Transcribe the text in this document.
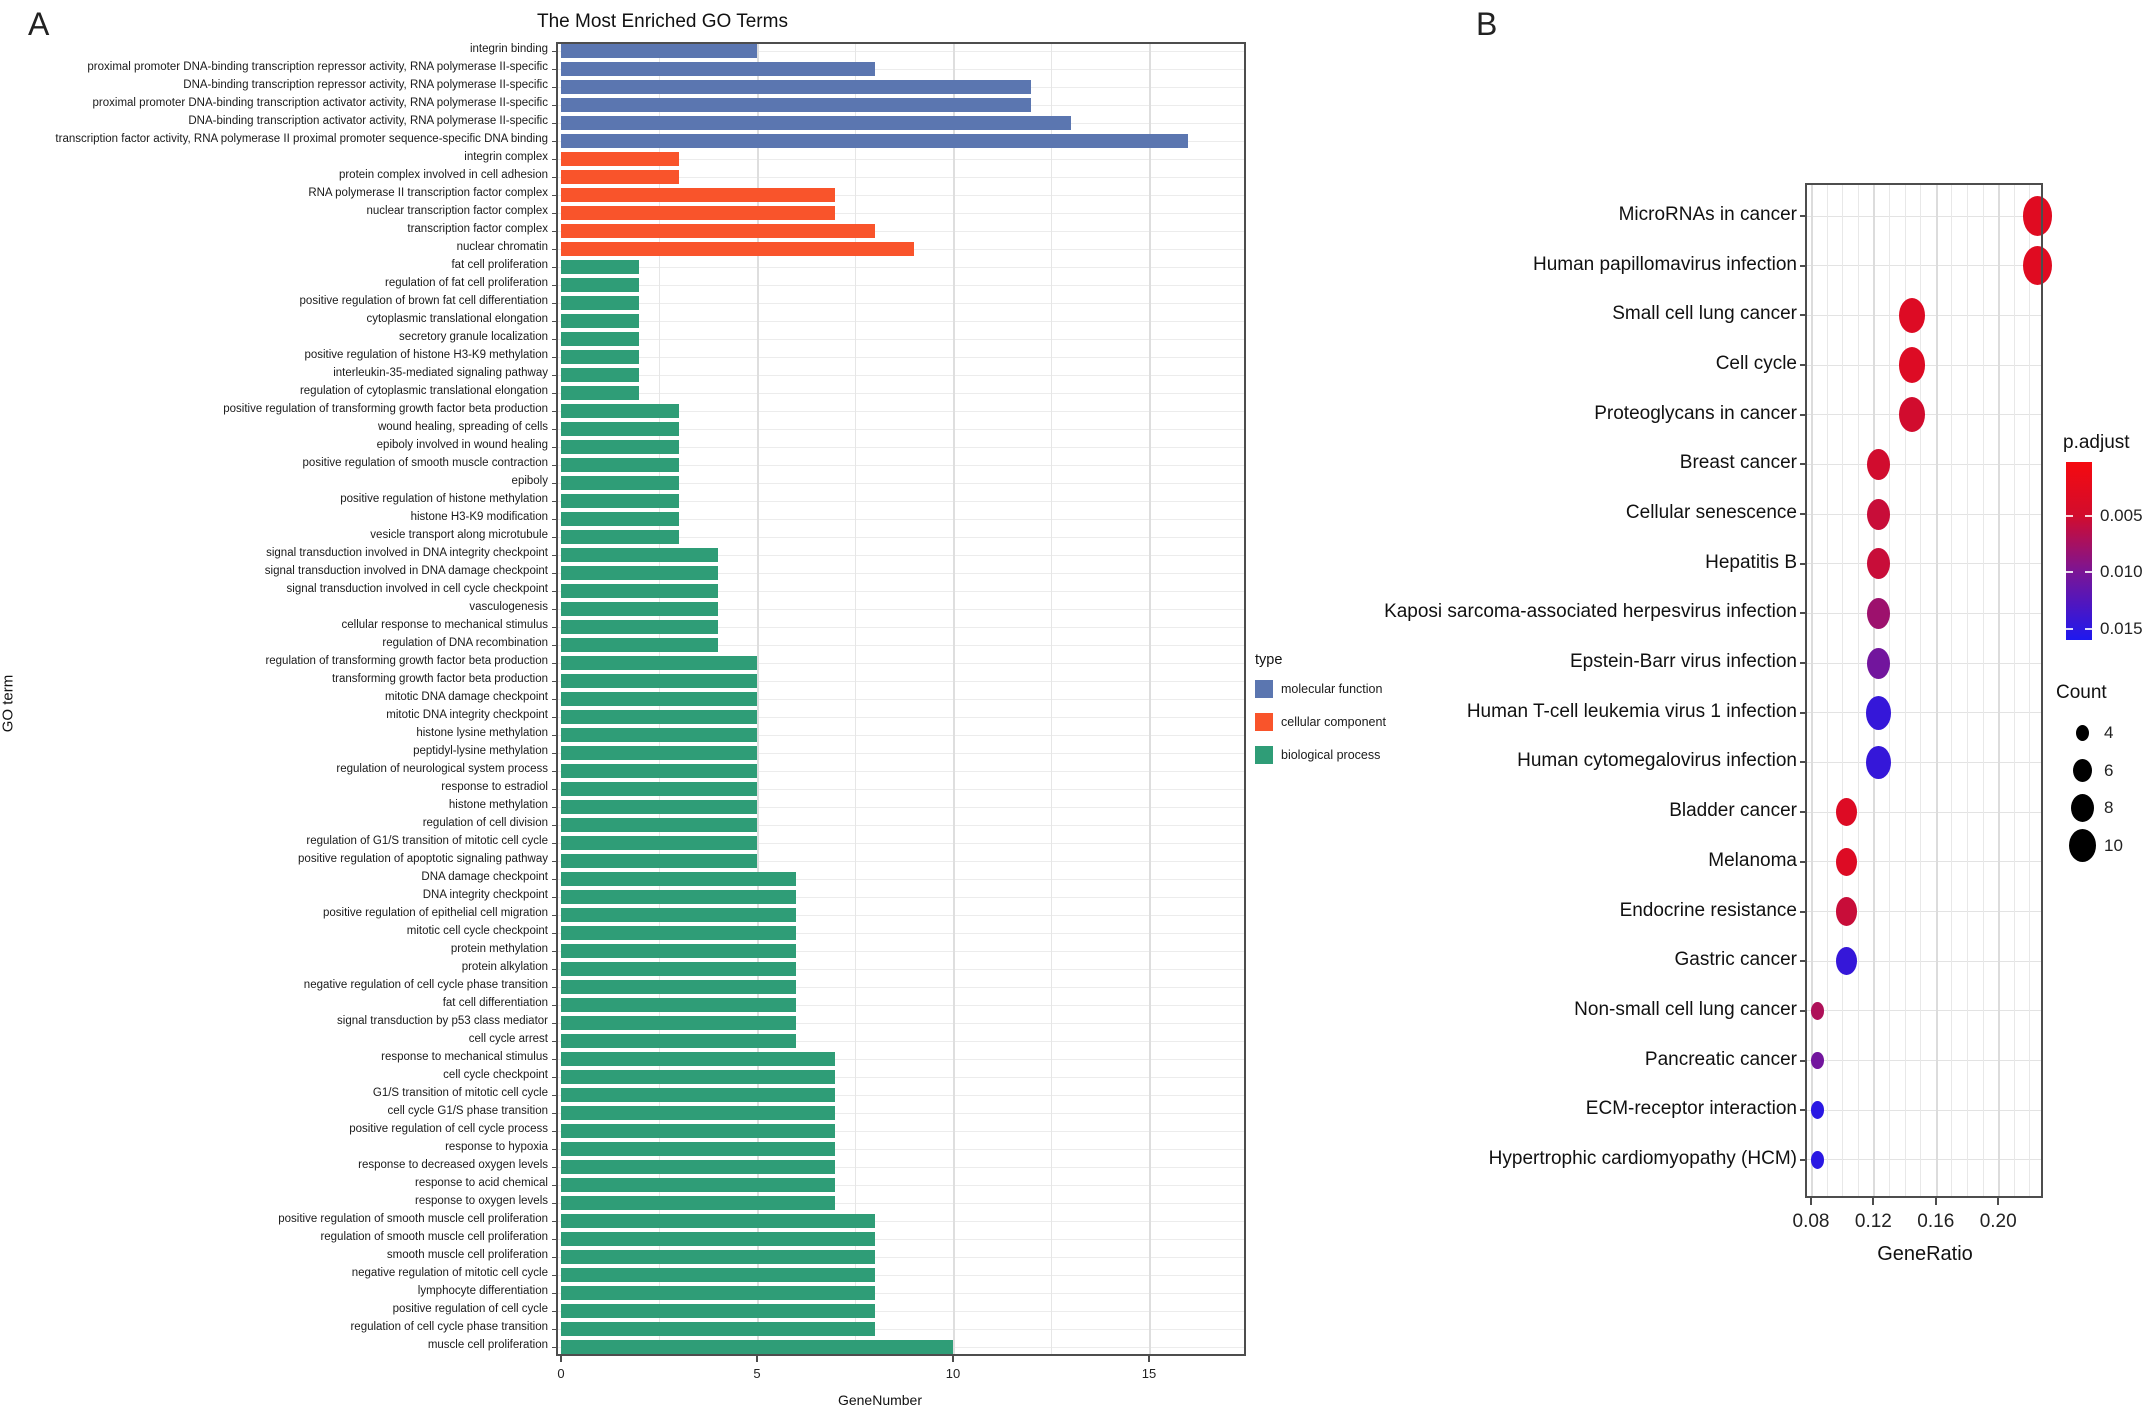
A	The Most Enriched GO Terms
GO term
GeneNumber
integrin binding
proximal promoter DNA-binding transcription repressor activity, RNA polymerase II-specific
DNA-binding transcription repressor activity, RNA polymerase II-specific
proximal promoter DNA-binding transcription activator activity, RNA polymerase II-specific
DNA-binding transcription activator activity, RNA polymerase II-specific
transcription factor activity, RNA polymerase II proximal promoter sequence-specific DNA binding
integrin complex
protein complex involved in cell adhesion
RNA polymerase II transcription factor complex
nuclear transcription factor complex
transcription factor complex
nuclear chromatin
fat cell proliferation
regulation of fat cell proliferation
positive regulation of brown fat cell differentiation
cytoplasmic translational elongation
secretory granule localization
positive regulation of histone H3-K9 methylation
interleukin-35-mediated signaling pathway
regulation of cytoplasmic translational elongation
positive regulation of transforming growth factor beta production
wound healing, spreading of cells
epiboly involved in wound healing
positive regulation of smooth muscle contraction
epiboly
positive regulation of histone methylation
histone H3-K9 modification
vesicle transport along microtubule
signal transduction involved in DNA integrity checkpoint
signal transduction involved in DNA damage checkpoint
signal transduction involved in cell cycle checkpoint
vasculogenesis
cellular response to mechanical stimulus
regulation of DNA recombination
regulation of transforming growth factor beta production
transforming growth factor beta production
mitotic DNA damage checkpoint
mitotic DNA integrity checkpoint
histone lysine methylation
peptidyl-lysine methylation
regulation of neurological system process
response to estradiol
histone methylation
regulation of cell division
regulation of G1/S transition of mitotic cell cycle
positive regulation of apoptotic signaling pathway
DNA damage checkpoint
DNA integrity checkpoint
positive regulation of epithelial cell migration
mitotic cell cycle checkpoint
protein methylation
protein alkylation
negative regulation of cell cycle phase transition
fat cell differentiation
signal transduction by p53 class mediator
cell cycle arrest
response to mechanical stimulus
cell cycle checkpoint
G1/S transition of mitotic cell cycle
cell cycle G1/S phase transition
positive regulation of cell cycle process
response to hypoxia
response to decreased oxygen levels
response to acid chemical
response to oxygen levels
positive regulation of smooth muscle cell proliferation
regulation of smooth muscle cell proliferation
smooth muscle cell proliferation
negative regulation of mitotic cell cycle
lymphocyte differentiation
positive regulation of cell cycle
regulation of cell cycle phase transition
muscle cell proliferation
0	5	10	15
type
molecular function
cellular component
biological process
B
GeneRatio
MicroRNAs in cancer
Human papillomavirus infection
Small cell lung cancer
Cell cycle
Proteoglycans in cancer
Breast cancer
Cellular senescence
Hepatitis B
Kaposi sarcoma-associated herpesvirus infection
Epstein-Barr virus infection
Human T-cell leukemia virus 1 infection
Human cytomegalovirus infection
Bladder cancer
Melanoma
Endocrine resistance
Gastric cancer
Non-small cell lung cancer
Pancreatic cancer
ECM-receptor interaction
Hypertrophic cardiomyopathy (HCM)
0.08	0.12	0.16	0.20
p.adjust
0.005
0.010
0.015
Count
4
6
8
10
